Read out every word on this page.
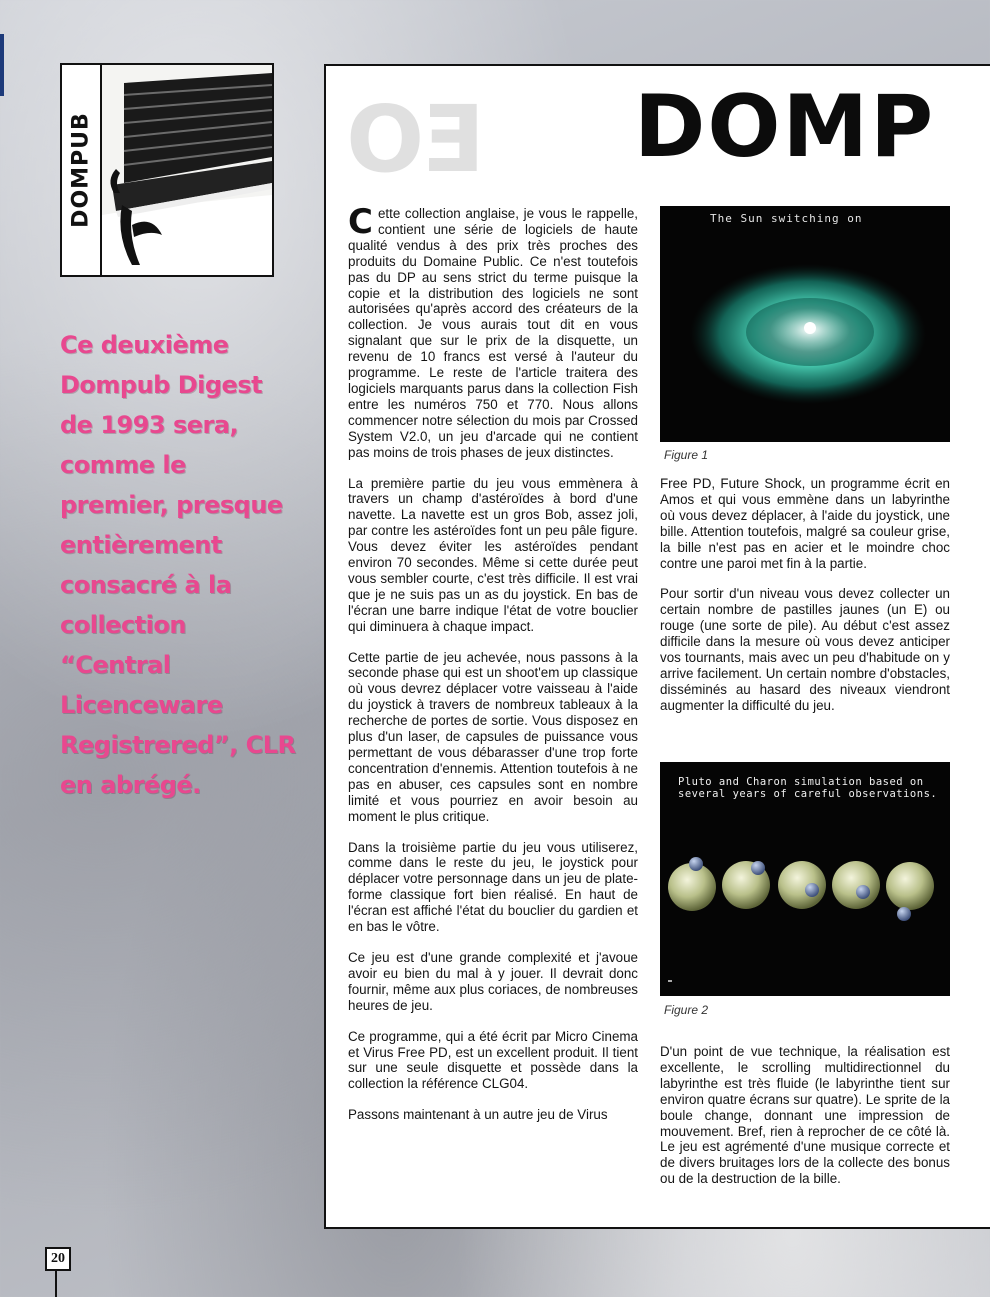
DOMPUB
Ce deuxième Dompub Digest de 1993 sera, comme le premier, presque entièrement consacré à la collection “Central Licenceware Registrered”, CLR en abrégé.
EO DOMP

Cette collection anglaise, je vous le rappelle, contient une série de logiciels de haute qualité vendus à des prix très proches des produits du Domaine Public. Ce n'est toutefois pas du DP au sens strict du terme puisque la copie et la distribution des logiciels ne sont autorisées qu'après accord des créateurs de la collection. Je vous aurais tout dit en vous signalant que sur le prix de la disquette, un revenu de 10 francs est versé à l'auteur du programme. Le reste de l'article traitera des logiciels marquants parus dans la collection Fish entre les numéros 750 et 770. Nous allons commencer notre sélection du mois par Crossed System V2.0, un jeu d'arcade qui ne contient pas moins de trois phases de jeux distinctes.

La première partie du jeu vous emmènera à travers un champ d'astéroïdes à bord d'une navette. La navette est un gros Bob, assez joli, par contre les astéroïdes font un peu pâle figure. Vous devez éviter les astéroïdes pendant environ 70 secondes. Même si cette durée peut vous sembler courte, c'est très difficile. Il est vrai que je ne suis pas un as du joystick. En bas de l'écran une barre indique l'état de votre bouclier qui diminuera à chaque impact.

Cette partie de jeu achevée, nous passons à la seconde phase qui est un shoot'em up classique où vous devrez déplacer votre vaisseau à l'aide du joystick à travers de nombreux tableaux à la recherche de portes de sortie. Vous disposez en plus d'un laser, de capsules de puissance vous permettant de vous débarasser d'une trop forte concentration d'ennemis. Attention toutefois à ne pas en abuser, ces capsules sont en nombre limité et vous pourriez en avoir besoin au moment le plus critique.

Dans la troisième partie du jeu vous utiliserez, comme dans le reste du jeu, le joystick pour déplacer votre personnage dans un jeu de plate-forme classique fort bien réalisé. En haut de l'écran est affiché l'état du bouclier du gardien et en bas le vôtre.

Ce jeu est d'une grande complexité et j'avoue avoir eu bien du mal à y jouer. Il devrait donc fournir, même aux plus coriaces, de nombreuses heures de jeu.

Ce programme, qui a été écrit par Micro Cinema et Virus Free PD, est un excellent produit. Il tient sur une seule disquette et possède dans la collection la référence CLG04.

Passons maintenant à un autre jeu de Virus

The Sun switching on
Figure 1

Free PD, Future Shock, un programme écrit en Amos et qui vous emmène dans un labyrinthe où vous devez déplacer, à l'aide du joystick, une bille. Attention toutefois, malgré sa couleur grise, la bille n'est pas en acier et le moindre choc contre une paroi met fin à la partie.

Pour sortir d'un niveau vous devez collecter un certain nombre de pastilles jaunes (un E) ou rouge (une sorte de pile). Au début c'est assez difficile dans la mesure où vous devez anticiper vos tournants, mais avec un peu d'habitude on y arrive facilement. Un certain nombre d'obstacles, disséminés au hasard des niveaux viendront augmenter la difficulté du jeu.

Pluto and Charon simulation based on several years of careful observations.
Figure 2

D'un point de vue technique, la réalisation est excellente, le scrolling multidirectionnel du labyrinthe est très fluide (le labyrinthe tient sur environ quatre écrans sur quatre). Le sprite de la boule change, donnant une impression de mouvement. Bref, rien à reprocher de ce côté là. Le jeu est agrémenté d'une musique correcte et de divers bruitages lors de la collecte des bonus ou de la destruction de la bille.

20
